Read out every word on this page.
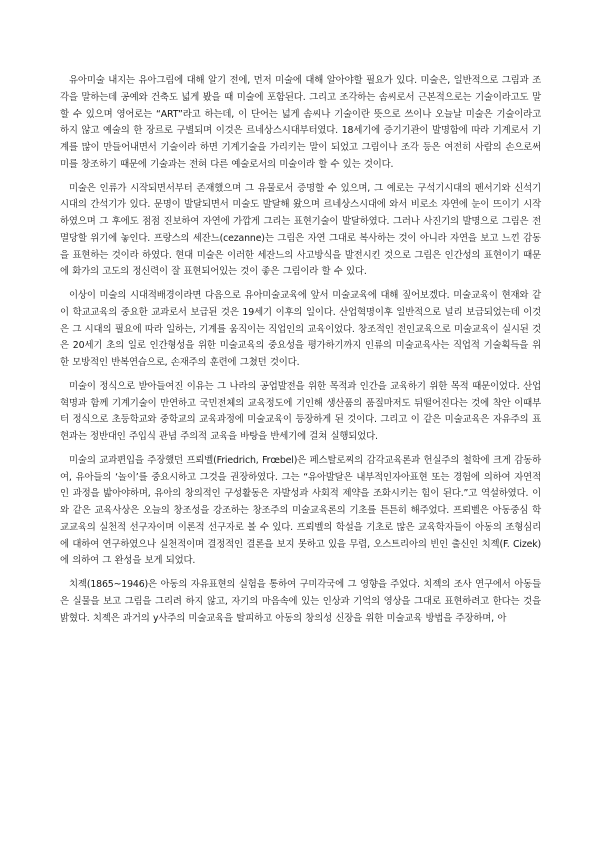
유아미술 내지는 유아그림에 대해 알기 전에, 먼저 미술에 대해 알아야할 필요가 있다. 미술은, 일반적으로 그림과 조각을 말하는데 공예와 건축도 넓게 봤을 때 미술에 포함된다. 그리고 조각하는 솜씨로서 근본적으로는 기술이라고도 말할 수 있으며 영어로는 “ART”라고 하는데, 이 단어는 넓게 솜씨나 기술이란 뜻으로 쓰이나 오늘날 미술은 기술이라고 하지 않고 예술의 한 장르로 구별되며 이것은 르네상스시대부터였다. 18세기에 증기기관이 발명함에 따라 기계로서 기계를 많이 만들어내면서 기술이라 하면 기계기술을 가리키는 말이 되었고 그림이나 조각 등은 여전히 사람의 손으로써 미를 창조하기 때문에 기술과는 전혀 다른 예술로서의 미술이라 할 수 있는 것이다.

미술은 인류가 시작되면서부터 존재했으며 그 유물로서 증명할 수 있으며, 그 예로는 구석기시대의 펜서기와 신석기시대의 간석기가 있다. 문명이 발달되면서 미술도 발달해 왔으며 르네상스시대에 와서 비로소 자연에 눈이 뜨이기 시작하였으며 그 후에도 점점 진보하여 자연에 가깝게 그리는 표현기술이 발달하였다. 그러나 사진기의 발명으로 그림은 전멸당할 위기에 놓인다. 프랑스의 세잔느(cezanne)는 그림은 자연 그대로 복사하는 것이 아니라 자연을 보고 느낀 감동을 표현하는 것이라 하였다. 현대 미술은 이러한 세잔느의 사고방식을 발전시킨 것으로 그림은 인간성의 표현이기 때문에 화가의 고도의 정신력이 잘 표현되어있는 것이 좋은 그림이라 할 수 있다.

이상이 미술의 시대적배경이라면 다음으로 유아미술교육에 앞서 미술교육에 대해 짚어보겠다. 미술교육이 현재와 같이 학교교육의 중요한 교과로서 보급된 것은 19세기 이후의 일이다. 산업혁명이후 일반적으로 널리 보급되었는데 이것은 그 시대의 필요에 따라 일하는, 기계를 움직이는 직업인의 교육이었다. 창조적인 전인교육으로 미술교육이 실시된 것은 20세기 초의 일로 인간형성을 위한 미술교육의 중요성을 평가하기까지 인류의 미술교육사는 직업적 기술획득을 위한 모방적인 반복연습으로, 손재주의 훈련에 그쳤던 것이다.

미술이 정식으로 받아들여진 이유는 그 나라의 공업발전을 위한 목적과 인간을 교육하기 위한 목적 때문이었다. 산업혁명과 함께 기계기술이 만연하고 국민전체의 교육정도에 기인해 생산품의 품질마저도 뒤떨어진다는 것에 착안 이때부터 정식으로 초등학교와 중학교의 교육과정에 미술교육이 등장하게 된 것이다. 그리고 이 같은 미술교육은 자유주의 표현과는 정반대인 주입식 관념 주의적 교육을 바탕을 반세기에 걸쳐 실행되었다.

미술의 교과편입을 주장했던 프뢰벨(Friedrich, Frœbel)은 페스탈로찌의 감각교육론과 헌실주의 철학에 크게 감동하여, 유아들의 ‘놀이’를 중요시하고 그것을 권장하였다. 그는 “유아발달은 내부적인자아표현 또는 경험에 의하여 자연적인 과정을 밟아야하며, 유아의 창의적인 구성활동은 자발성과 사회적 제약을 조화시키는 힘이 된다.”고 역설하였다. 이와 같은 교육사상은 오늘의 창조성을 강조하는 창조주의 미술교육론의 기초를 튼튼히 해주었다. 프뢰벨은 아동중심 학교교육의 실천적 선구자이며 이론적 선구자로 볼 수 있다. 프뢰벨의 학설을 기초로 많은 교육학자들이 아동의 조형심리에 대하여 연구하였으나 실천적이며 결정적인 결론을 보지 못하고 있을 무렵, 오스트리아의 빈인 출신인 치젝(F. Cizek)에 의하여 그 완성을 보게 되었다.

치젝(1865~1946)은 아동의 자유표현의 실험을 통하여 구미각국에 그 영향을 주었다. 치젝의 조사 연구에서 아동들은 실물을 보고 그림을 그리려 하지 않고, 자기의 마음속에 있는 인상과 기억의 영상을 그대로 표현하려고 한다는 것을 밝혔다. 치젝은 과거의 y사주의 미술교육을 탈피하고 아동의 창의성 신장을 위한 미술교육 방법을 주장하며, 아
